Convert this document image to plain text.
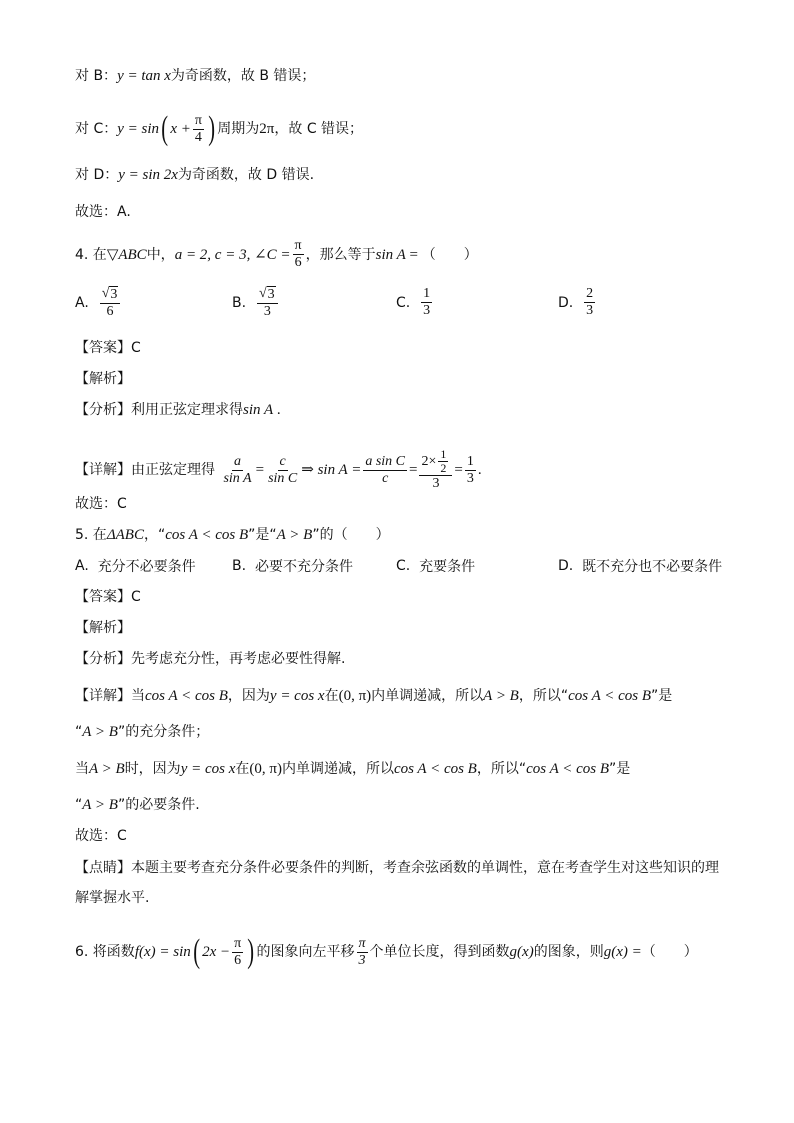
对 B： y = tan x 为奇函数，故 B 错误；
对 C： y = sin ( $x + \frac{\pi}{4}$ ) 周期为 2π ，故 C 错误；
对 D： y = sin 2x 为奇函数，故 D 错误.
故选：A.
4. 在 ▽ABC 中， a = 2, c = 3, ∠C = $\frac{\pi}{6}$ ，那么等于 sin A = （　　）
A.
$\frac{√ 3}{6}$	B.
$\frac{√ 3}{3}$	C.
$\frac{1}{3}$	D.
$\frac{2}{3}$
【答案】 C
【解析】
【分析】 利用正弦定理求得 sin A .
【详解】 由正弦定理得
$\frac{a}{\text{sin A}} = \frac{c}{\text{sin C}}$ ⇒ $\sin A = \frac{\text{a sin C}}{c} = \frac{2\times \frac{1}{2}}{3} = \frac{1}{3}$ .
故选：C
5. 在 ΔABC ，“ cos A < cos B ”是“ A > B ”的（　　）
A.
充分不必要条件	B.
必要不充分条件	C.
充要条件	D.
既不充分也不必要条件
【答案】 C
【解析】
【分析】 先考虑充分性，再考虑必要性得解.
【详解】 当 cos A < cos B ，因为 y = cos x 在 (0, π) 内单调递减，所以 A > B ，所以“ cos A < cos B ”是
“ A > B ”的充分条件；
当 A > B 时，因为 y = cos x 在 (0, π) 内单调递减，所以 cos A < cos B ，所以“ cos A < cos B ”是
“ A > B ”的必要条件.
故选：C
【点睛】 本题主要考查充分条件必要条件的判断，考查余弦函数的单调性，意在考查学生对这些知识的理
解掌握水平.
6. 将函数 f(x) = sin ( $2x - \frac{\pi}{6}$ ) 的图象向左平移 $\frac{\pi}{3}$ 个单位长度，得到函数 g(x) 的图象，则 g(x) = （　　）
